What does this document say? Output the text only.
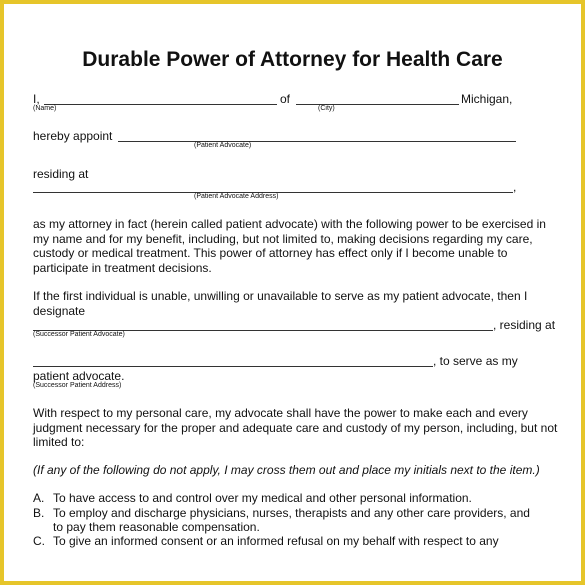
Durable Power of Attorney for Health Care
I,	of	Michigan,
(Name)	(City)
hereby appoint
(Patient Advocate)
residing at
,
(Patient Advocate Address)
as my attorney in fact (herein called patient advocate) with the following power to be exercised in my name and for my benefit, including, but not limited to, making decisions regarding my care, custody or medical treatment. This power of attorney has effect only if I become unable to participate in treatment decisions.
If the first individual is unable, unwilling or unavailable to serve as my patient advocate, then I designate
, residing at
(Successor Patient Advocate)
, to serve as my
patient advocate.
(Successor Patient Address)
With respect to my personal care, my advocate shall have the power to make each and every judgment necessary for the proper and adequate care and custody of my person, including, but not limited to:
(If any of the following do not apply, I may cross them out and place my initials next to the item.)
A. To have access to and control over my medical and other personal information.
B. To employ and discharge physicians, nurses, therapists and any other care providers, and
to pay them reasonable compensation.
C. To give an informed consent or an informed refusal on my behalf with respect to any
